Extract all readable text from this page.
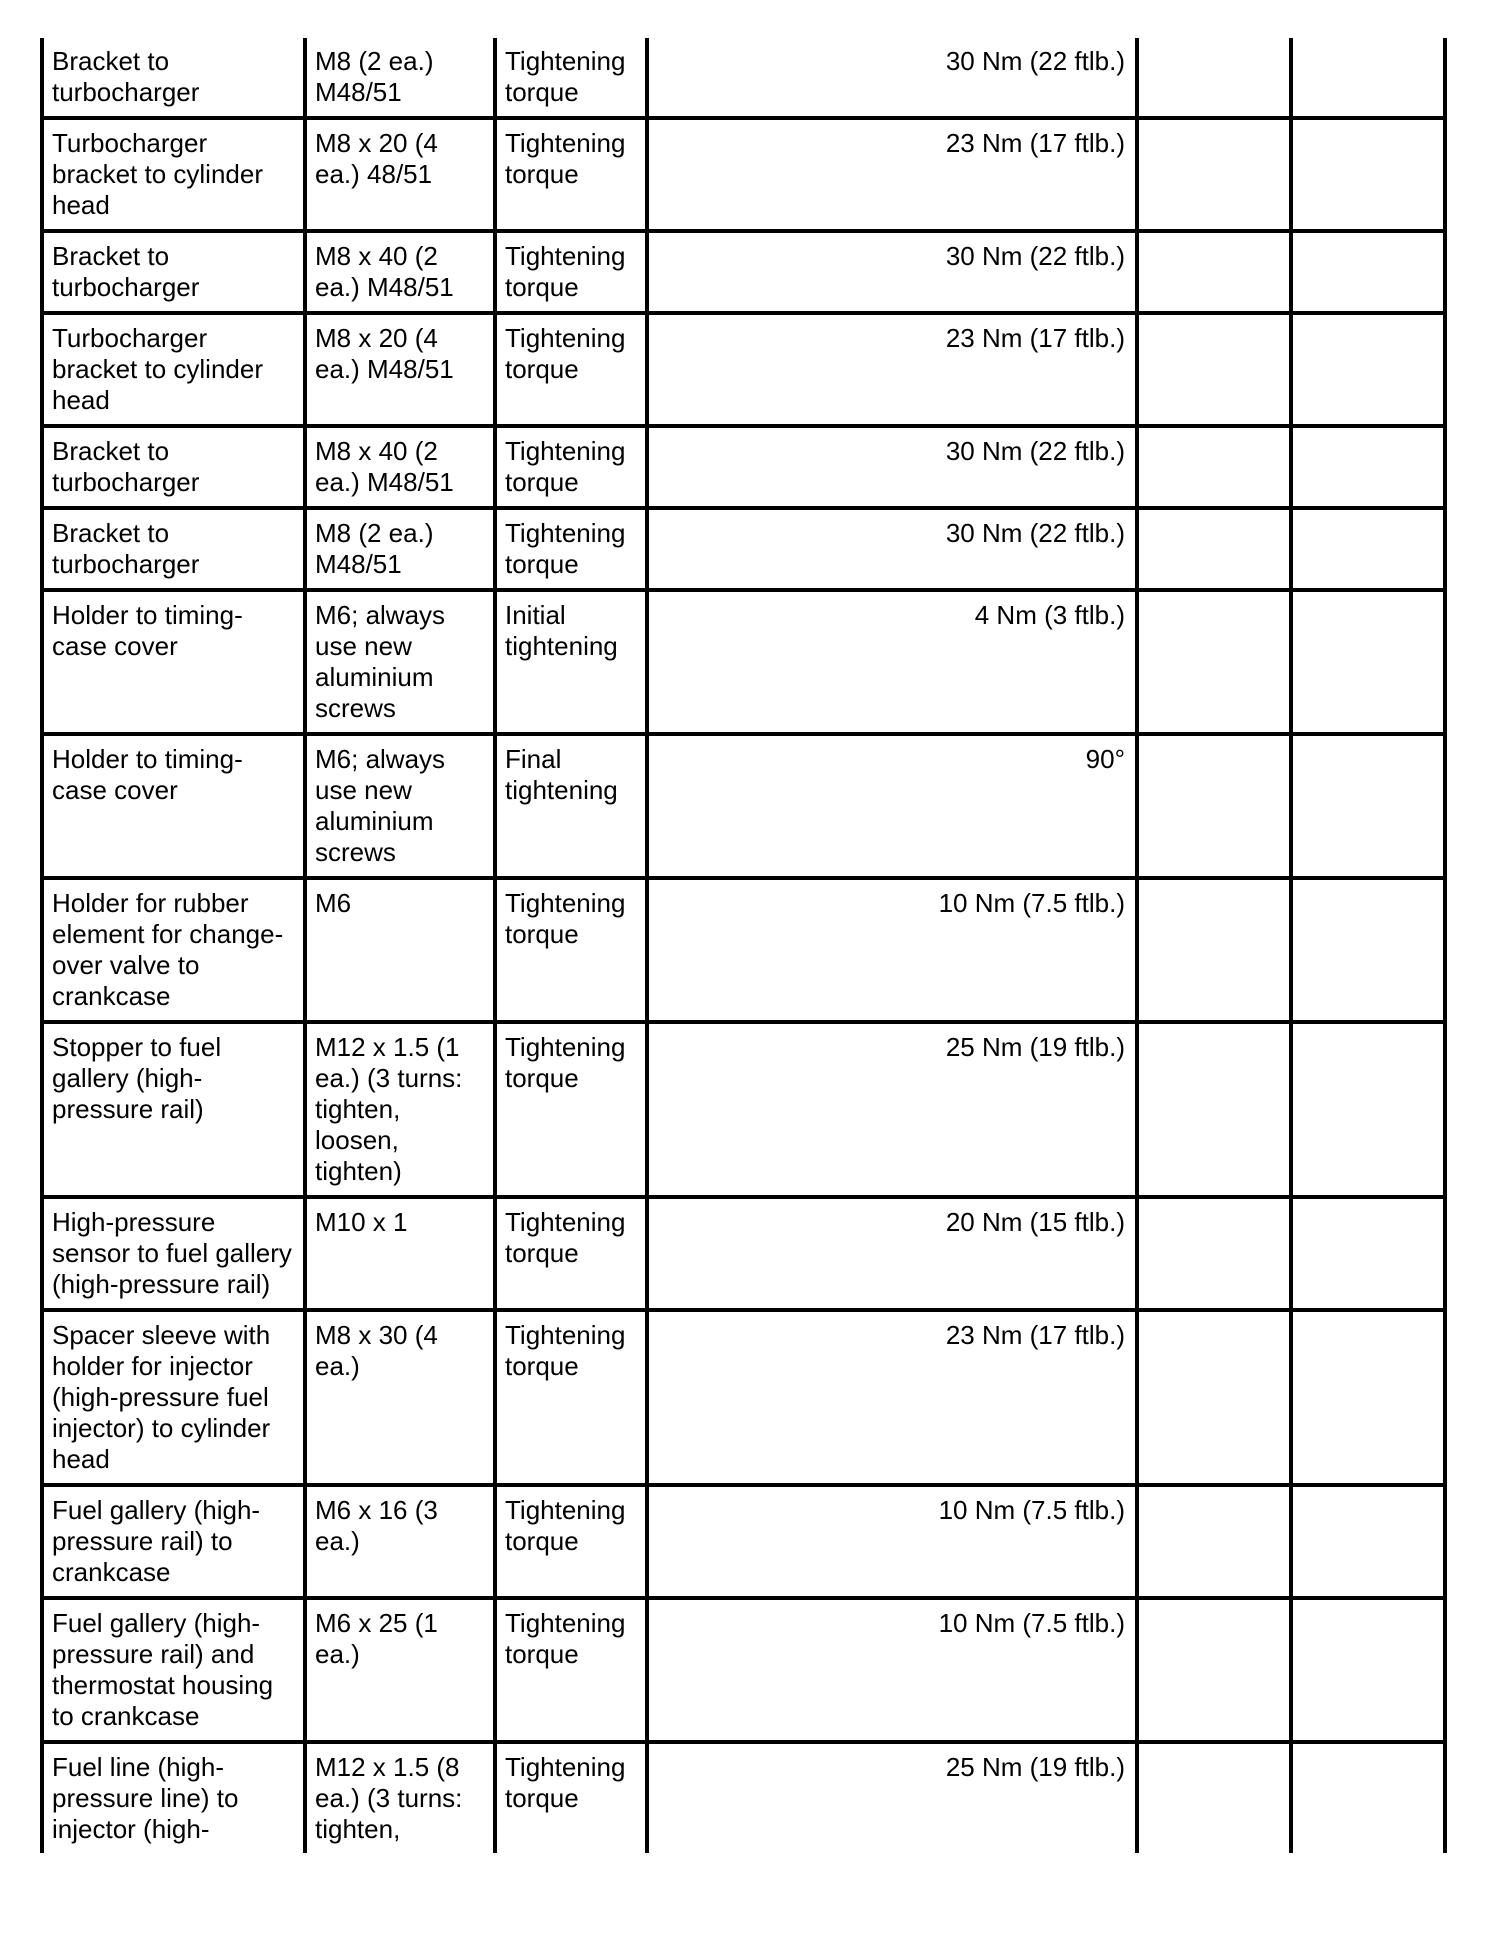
Bracket to turbocharger	M8 (2 ea.) M48/51	Tightening torque	30 Nm (22 ftlb.)		
Turbocharger bracket to cylinder head	M8 x 20 (4 ea.) 48/51	Tightening torque	23 Nm (17 ftlb.)		
Bracket to turbocharger	M8 x 40 (2 ea.) M48/51	Tightening torque	30 Nm (22 ftlb.)		
Turbocharger bracket to cylinder head	M8 x 20 (4 ea.) M48/51	Tightening torque	23 Nm (17 ftlb.)		
Bracket to turbocharger	M8 x 40 (2 ea.) M48/51	Tightening torque	30 Nm (22 ftlb.)		
Bracket to turbocharger	M8 (2 ea.) M48/51	Tightening torque	30 Nm (22 ftlb.)		
Holder to timing-case cover	M6; always use new aluminium screws	Initial tightening	4 Nm (3 ftlb.)		
Holder to timing-case cover	M6; always use new aluminium screws	Final tightening	90°		
Holder for rubber element for change-over valve to crankcase	M6	Tightening torque	10 Nm (7.5 ftlb.)		
Stopper to fuel gallery (high-pressure rail)	M12 x 1.5 (1 ea.) (3 turns: tighten, loosen, tighten)	Tightening torque	25 Nm (19 ftlb.)		
High-pressure sensor to fuel gallery (high-pressure rail)	M10 x 1	Tightening torque	20 Nm (15 ftlb.)		
Spacer sleeve with holder for injector (high-pressure fuel injector) to cylinder head	M8 x 30 (4 ea.)	Tightening torque	23 Nm (17 ftlb.)		
Fuel gallery (high-pressure rail) to crankcase	M6 x 16 (3 ea.)	Tightening torque	10 Nm (7.5 ftlb.)		
Fuel gallery (high-pressure rail) and thermostat housing to crankcase	M6 x 25 (1 ea.)	Tightening torque	10 Nm (7.5 ftlb.)		
Fuel line (high-pressure line) to injector (high-	M12 x 1.5 (8 ea.) (3 turns: tighten,	Tightening torque	25 Nm (19 ftlb.)		
